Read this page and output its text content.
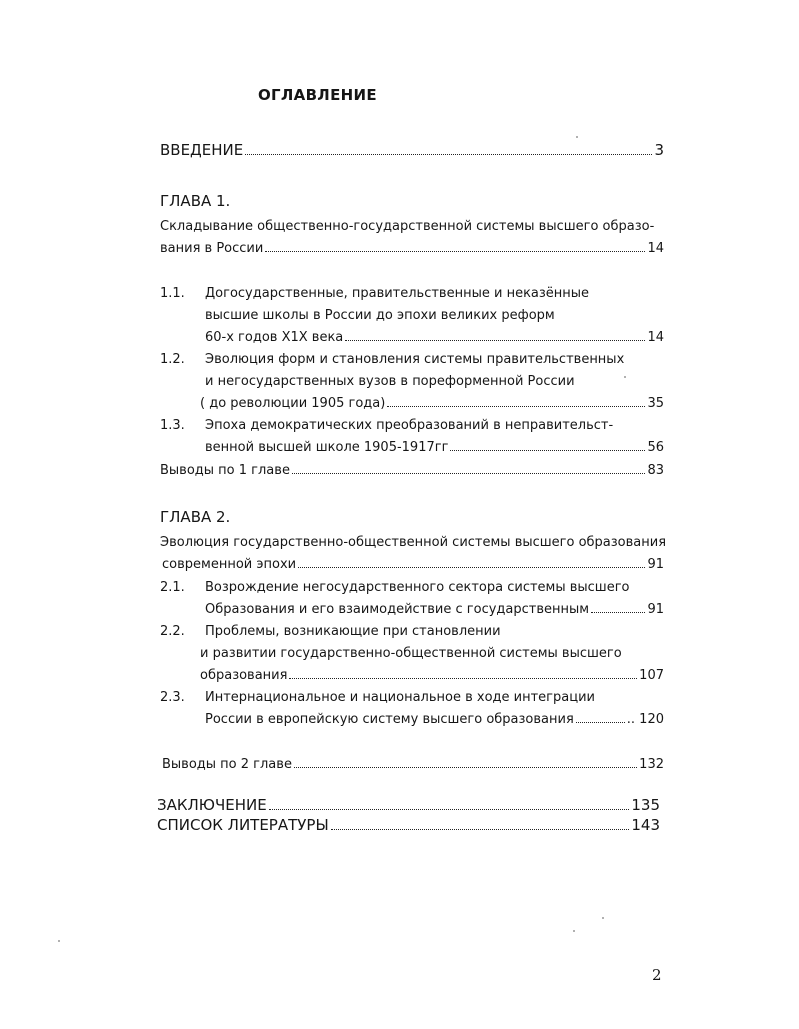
ОГЛАВЛЕНИЕ
ВВЕДЕНИЕ	3
ГЛАВА 1.
Складывание общественно-государственной системы высшего образо-
вания в России	14
1.1. Догосударственные, правительственные и неказённые
высшие школы в России до эпохи великих реформ
60-х годов Х1Х века	14
1.2. Эволюция форм и становления системы правительственных
и негосударственных вузов в пореформенной России
( до революции 1905 года)	35
1.3. Эпоха демократических преобразований в неправительст-
венной высшей школе 1905-1917гг	56
Выводы по 1 главе	83
ГЛАВА 2.
Эволюция государственно-общественной системы высшего образования
современной эпохи	91
2.1. Возрождение негосударственного сектора системы высшего
Образования и его взаимодействие с государственным	91
2.2. Проблемы, возникающие при становлении
и развитии государственно-общественной системы высшего
образования	107
2.3. Интернациональное и национальное в ходе интеграции
России в европейскую систему высшего образования	.. 120
Выводы по 2 главе	132
ЗАКЛЮЧЕНИЕ	135
СПИСОК ЛИТЕРАТУРЫ	143
2
